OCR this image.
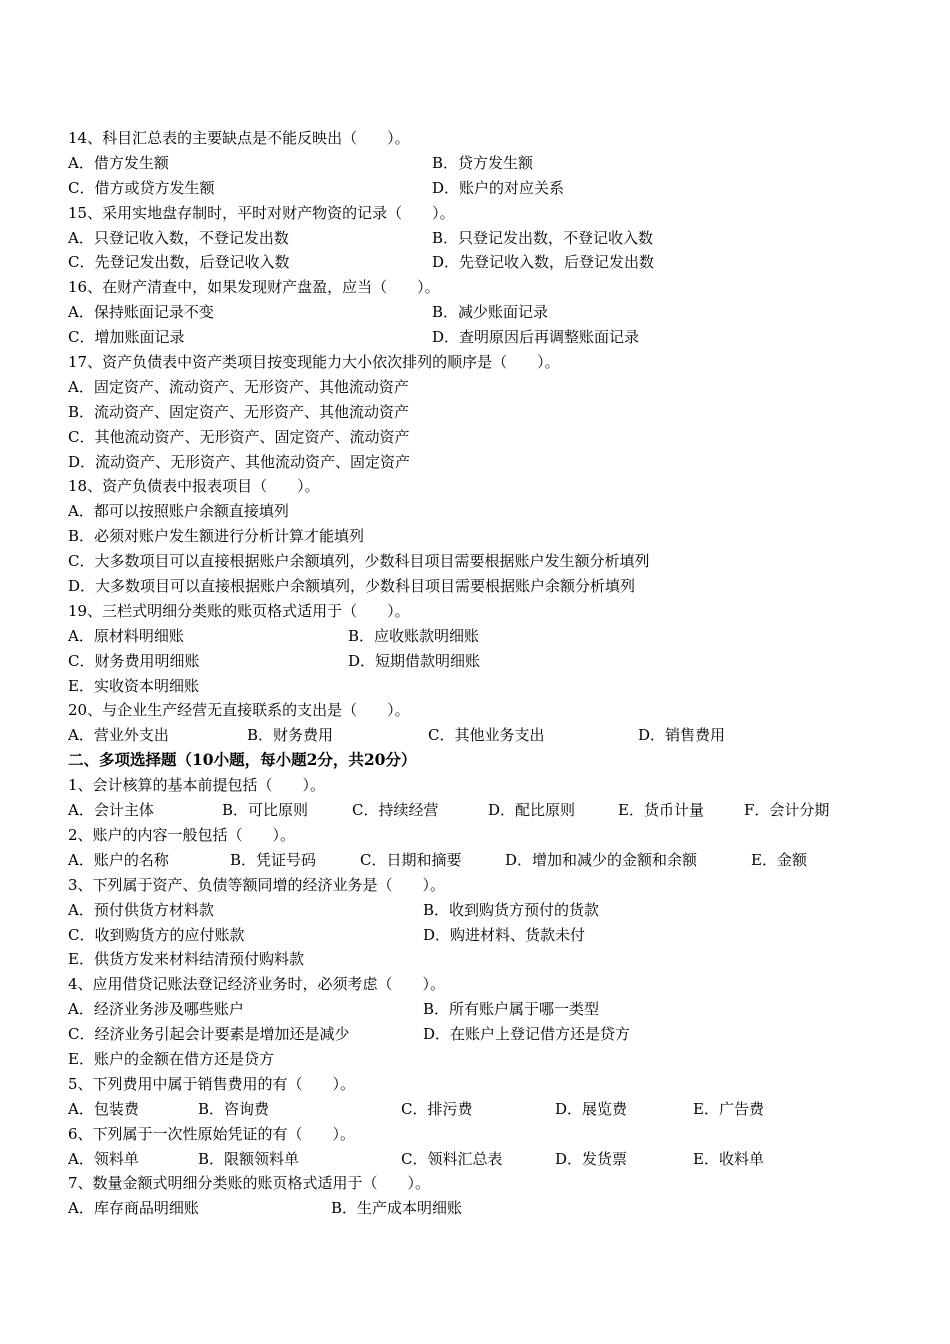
14、科目汇总表的主要缺点是不能反映出（　　）。
A．借方发生额	B．贷方发生额
C．借方或贷方发生额	D．账户的对应关系
15、采用实地盘存制时，平时对财产物资的记录（　　）。
A．只登记收入数，不登记发出数	B．只登记发出数，不登记收入数
C．先登记发出数，后登记收入数	D．先登记收入数，后登记发出数
16、在财产清查中，如果发现财产盘盈，应当（　　）。
A．保持账面记录不变	B．减少账面记录
C．增加账面记录	D．查明原因后再调整账面记录
17、资产负债表中资产类项目按变现能力大小依次排列的顺序是（　　）。
A．固定资产、流动资产、无形资产、其他流动资产
B．流动资产、固定资产、无形资产、其他流动资产
C．其他流动资产、无形资产、固定资产、流动资产
D．流动资产、无形资产、其他流动资产、固定资产
18、资产负债表中报表项目（　　）。
A．都可以按照账户余额直接填列
B．必须对账户发生额进行分析计算才能填列
C．大多数项目可以直接根据账户余额填列，少数科目项目需要根据账户发生额分析填列
D．大多数项目可以直接根据账户余额填列，少数科目项目需要根据账户余额分析填列
19、三栏式明细分类账的账页格式适用于（　　）。
A．原材料明细账	B．应收账款明细账
C．财务费用明细账	D．短期借款明细账
E．实收资本明细账
20、与企业生产经营无直接联系的支出是（　　）。
A．营业外支出	B．财务费用	C．其他业务支出	D．销售费用
二、多项选择题（10小题，每小题2分，共20分）
1、会计核算的基本前提包括（　　）。
A．会计主体	B．可比原则	C．持续经营	D．配比原则	E．货币计量	F．会计分期
2、账户的内容一般包括（　　）。
A．账户的名称	B．凭证号码	C．日期和摘要	D．增加和减少的金额和余额	E．金额
3、下列属于资产、负债等额同增的经济业务是（　　）。
A．预付供货方材料款	B．收到购货方预付的货款
C．收到购货方的应付账款	D．购进材料、货款未付
E．供货方发来材料结清预付购料款
4、应用借贷记账法登记经济业务时，必须考虑（　　）。
A．经济业务涉及哪些账户	B．所有账户属于哪一类型
C．经济业务引起会计要素是增加还是减少	D．在账户上登记借方还是贷方
E．账户的金额在借方还是贷方
5、下列费用中属于销售费用的有（　　）。
A．包装费	B．咨询费	C．排污费	D．展览费	E．广告费
6、下列属于一次性原始凭证的有（　　）。
A．领料单	B．限额领料单	C．领料汇总表	D．发货票	E．收料单
7、数量金额式明细分类账的账页格式适用于（　　）。
A．库存商品明细账	B．生产成本明细账
